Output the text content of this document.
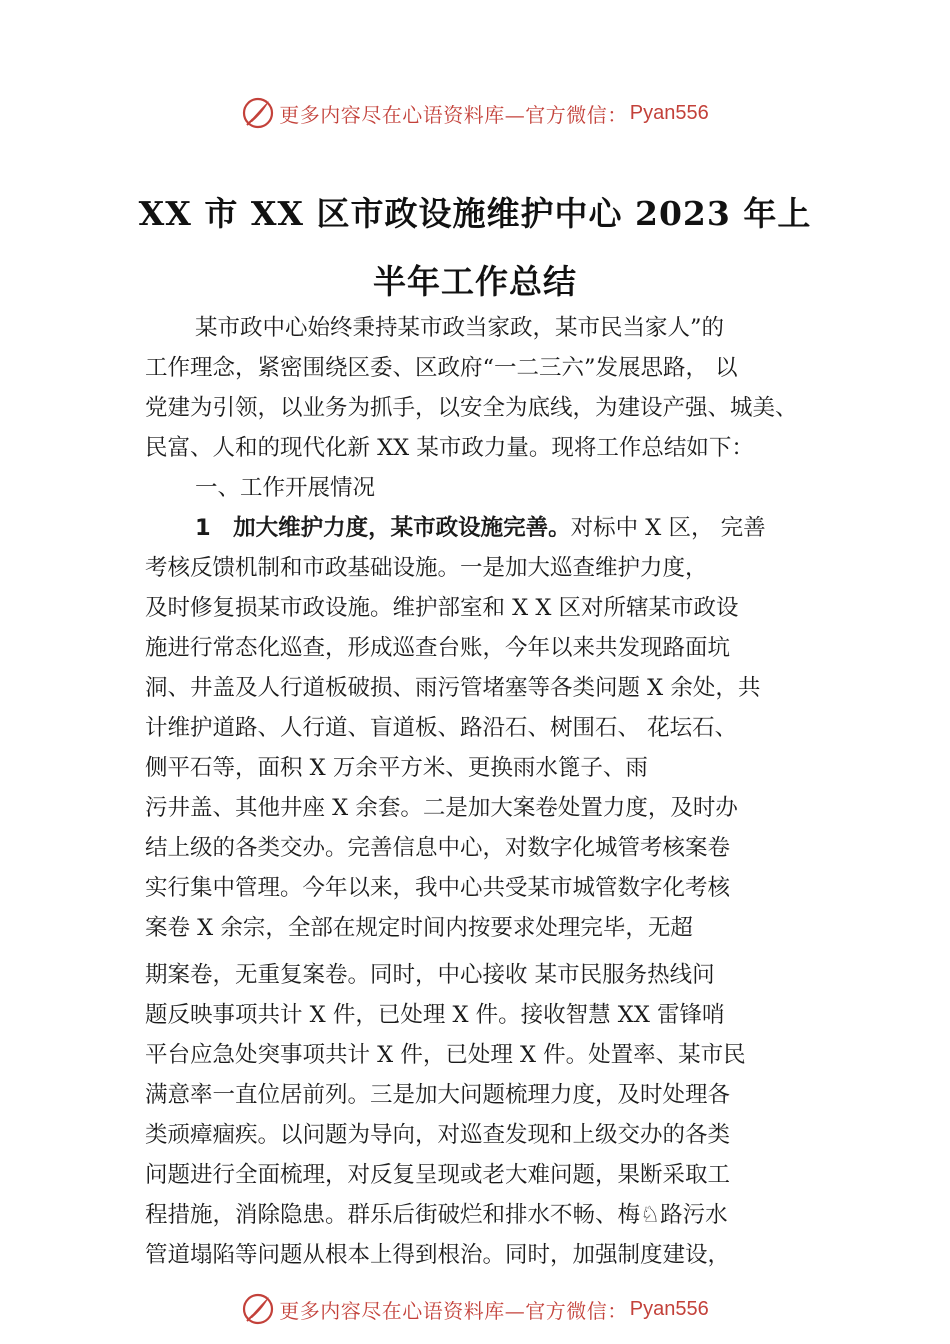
更多内容尽在心语资料库—官方微信： Pyan556
XX 市 XX 区市政设施维护中心 2023 年上
半年工作总结

某市政中心始终秉持某市政当家政，某市民当家人”的

工作理念，紧密围绕区委、区政府“一二三六”发展思路， 以

党建为引领，以业务为抓手，以安全为底线，为建设产强、城美、

民富、人和的现代化新 XX 某市政力量。现将工作总结如下：

一、工作开展情况

1　加大维护力度，某市政设施完善。对标中 X 区， 完善

考核反馈机制和市政基础设施。一是加大巡查维护力度，

及时修复损某市政设施。维护部室和 X X 区对所辖某市政设

施进行常态化巡查，形成巡查台账，今年以来共发现路面坑

洞、井盖及人行道板破损、雨污管堵塞等各类问题 X 余处，共

计维护道路、人行道、盲道板、路沿石、树围石、 花坛石、

侧平石等，面积 X 万余平方米、更换雨水篦子、雨

污井盖、其他井座 X 余套。二是加大案卷处置力度，及时办

结上级的各类交办。完善信息中心，对数字化城管考核案卷

实行集中管理。今年以来，我中心共受某市城管数字化考核

案卷 X 余宗，全部在规定时间内按要求处理完毕，无超

期案卷，无重复案卷。同时，中心接收 某市民服务热线问

题反映事项共计 X 件，已处理 X 件。接收智慧 XX 雷锋哨

平台应急处突事项共计 X 件，已处理 X 件。处置率、某市民

满意率一直位居前列。三是加大问题梳理力度，及时处理各

类顽瘴痼疾。以问题为导向，对巡查发现和上级交办的各类

问题进行全面梳理，对反复呈现或老大难问题，果断采取工

程措施，消除隐患。群乐后街破烂和排水不畅、梅♘路污水

管道塌陷等问题从根本上得到根治。同时，加强制度建设，

更多内容尽在心语资料库—官方微信： Pyan556
